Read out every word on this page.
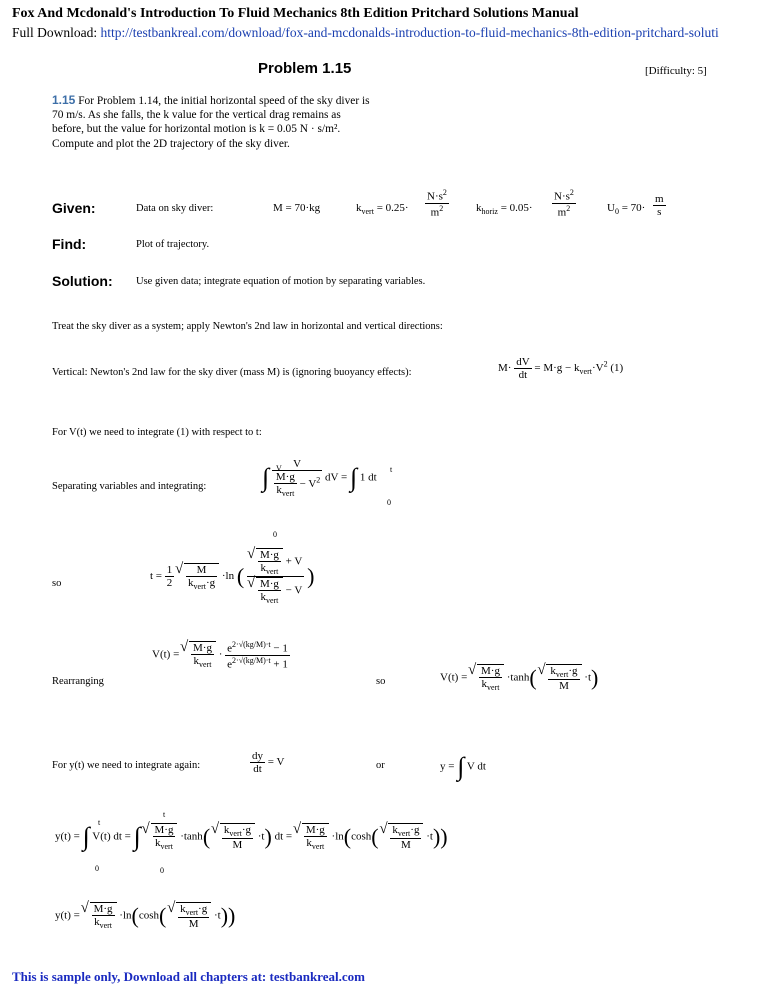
Fox And Mcdonald's Introduction To Fluid Mechanics 8th Edition Pritchard Solutions Manual
Full Download: http://testbankreal.com/download/fox-and-mcdonalds-introduction-to-fluid-mechanics-8th-edition-pritchard-soluti
Problem 1.15	[Difficulty: 5]
1.15 For Problem 1.14, the initial horizontal speed of the sky diver is 70 m/s. As she falls, the k value for the vertical drag remains as before, but the value for horizontal motion is k = 0.05 N · s/m². Compute and plot the 2D trajectory of the sky diver.
Given:	Data on sky diver:	M = 70·kg	$k_{vert} = 0.25\cdot \frac{N\cdot s^2}{m^2} k_{horiz} = 0.05\cdot \frac{N\cdot s^2}{m^2}$	$U_0 = 70\cdot \frac{m}{s}$
Find:	Plot of trajectory.
Solution: Use given data; integrate equation of motion by separating variables.
Treat the sky diver as a system; apply Newton's 2nd law in horizontal and vertical directions:
Vertical: Newton's 2nd law for the sky diver (mass M) is (ignoring buoyancy effects):	$M\cdot \frac{dV}{dt} = M\cdot g - k_{vert}\cdot V^2$ (1)
For V(t) we need to integrate (1) with respect to t:
Separating variables and integrating: ∫ $\frac{V}{\frac{M\cdot g}{k_{vert}} - V^2}$ dV = ∫ 1 dt
V
0
t
0
so
$t = \frac{1}{2}$
√ $\frac{M}{k_{vert}\cdot g} \cdot\ln$ ( √ $\frac{M\cdot g}{k_{vert}} + V$
√ $\frac{M\cdot g}{k_{vert}} - V$ )
Rearranging
V(t) = √ $\frac{M\cdot g}{k_{vert}} \cdot \frac{e^{2\cdot√(kg/M)\cdot t} - 1}{e^{2\cdot√(kg/M)\cdot t} + 1}$
so	V(t) = √ $\frac{M\cdot g}{k_{vert}} \cdot\tanh$( √ $\frac{k_{vert}\cdot g}{M} \cdot t$)
For y(t) we need to integrate again:	$\frac{dy}{dt} = V$	or	y = ∫ V dt
y(t) = ∫ V(t) dt = ∫ √ $\frac{M\cdot g}{k_{vert}} \cdot\tanh$( √ $\frac{k_{vert}\cdot g}{M} \cdot t$) dt = √ $\frac{M\cdot g}{k_{vert}} \cdot\ln(\cosh$( √ $\frac{k_{vert}\cdot g}{M} \cdot t$))
t
0
t
0
y(t) = √ $\frac{M\cdot g}{k_{vert}} \cdot\ln(\cosh$( √ $\frac{k_{vert}\cdot g}{M} \cdot t$))
This is sample only, Download all chapters at: testbankreal.com
